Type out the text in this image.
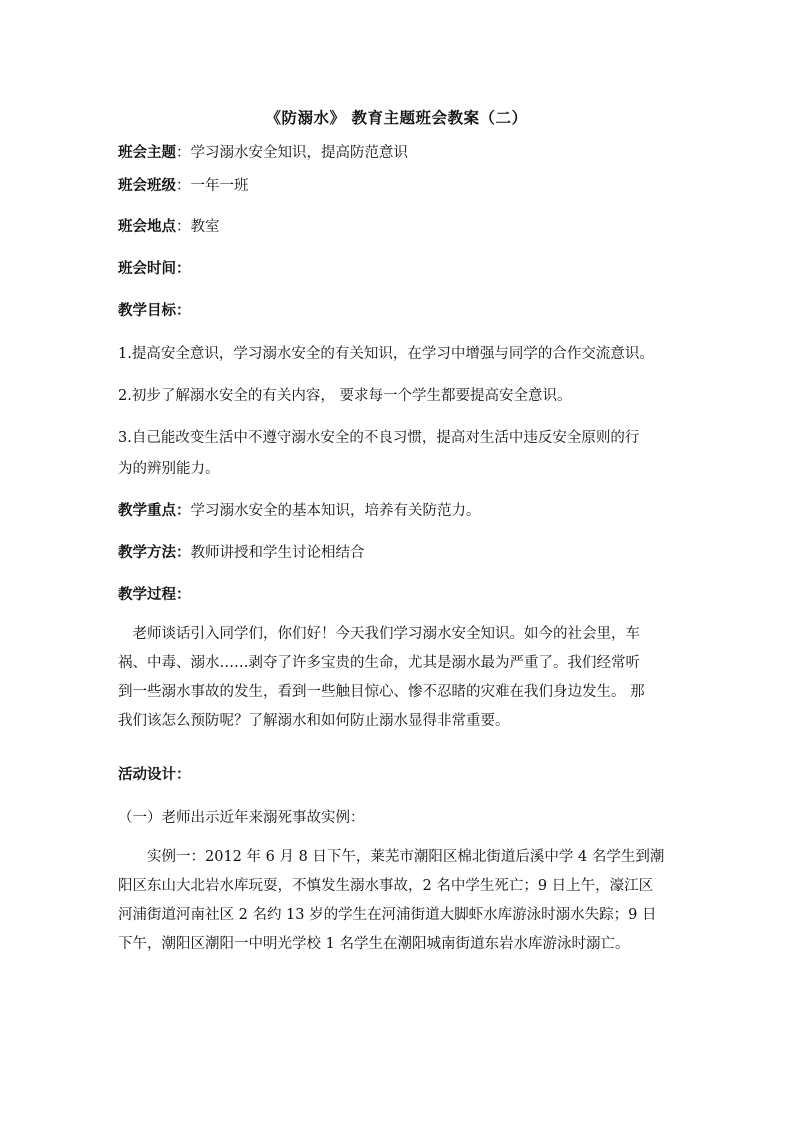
《防溺水》 教育主题班会教案（二）
班会主题：学习溺水安全知识，提高防范意识
班会班级：一年一班
班会地点：教室
班会时间：
教学目标：
1.提高安全意识，学习溺水安全的有关知识，在学习中增强与同学的合作交流意识。
2.初步了解溺水安全的有关内容， 要求每一个学生都要提高安全意识。
3.自己能改变生活中不遵守溺水安全的不良习惯，提高对生活中违反安全原则的行
为的辨别能力。
教学重点：学习溺水安全的基本知识，培养有关防范力。
教学方法：教师讲授和学生讨论相结合
教学过程：
　老师谈话引入同学们，你们好！今天我们学习溺水安全知识。如今的社会里，车
祸、中毒、溺水……剥夺了许多宝贵的生命，尤其是溺水最为严重了。我们经常听
到一些溺水事故的发生，看到一些触目惊心、惨不忍睹的灾难在我们身边发生。 那
我们该怎么预防呢？了解溺水和如何防止溺水显得非常重要。
活动设计：
（一）老师出示近年来溺死事故实例：
　　实例一：2012 年 6 月 8 日下午，莱芜市潮阳区棉北街道后溪中学 4 名学生到潮
阳区东山大北岩水库玩耍，不慎发生溺水事故，2 名中学生死亡；9 日上午，濠江区
河浦街道河南社区 2 名约 13 岁的学生在河浦街道大脚虾水库游泳时溺水失踪；9 日
下午，潮阳区潮阳一中明光学校 1 名学生在潮阳城南街道东岩水库游泳时溺亡。
